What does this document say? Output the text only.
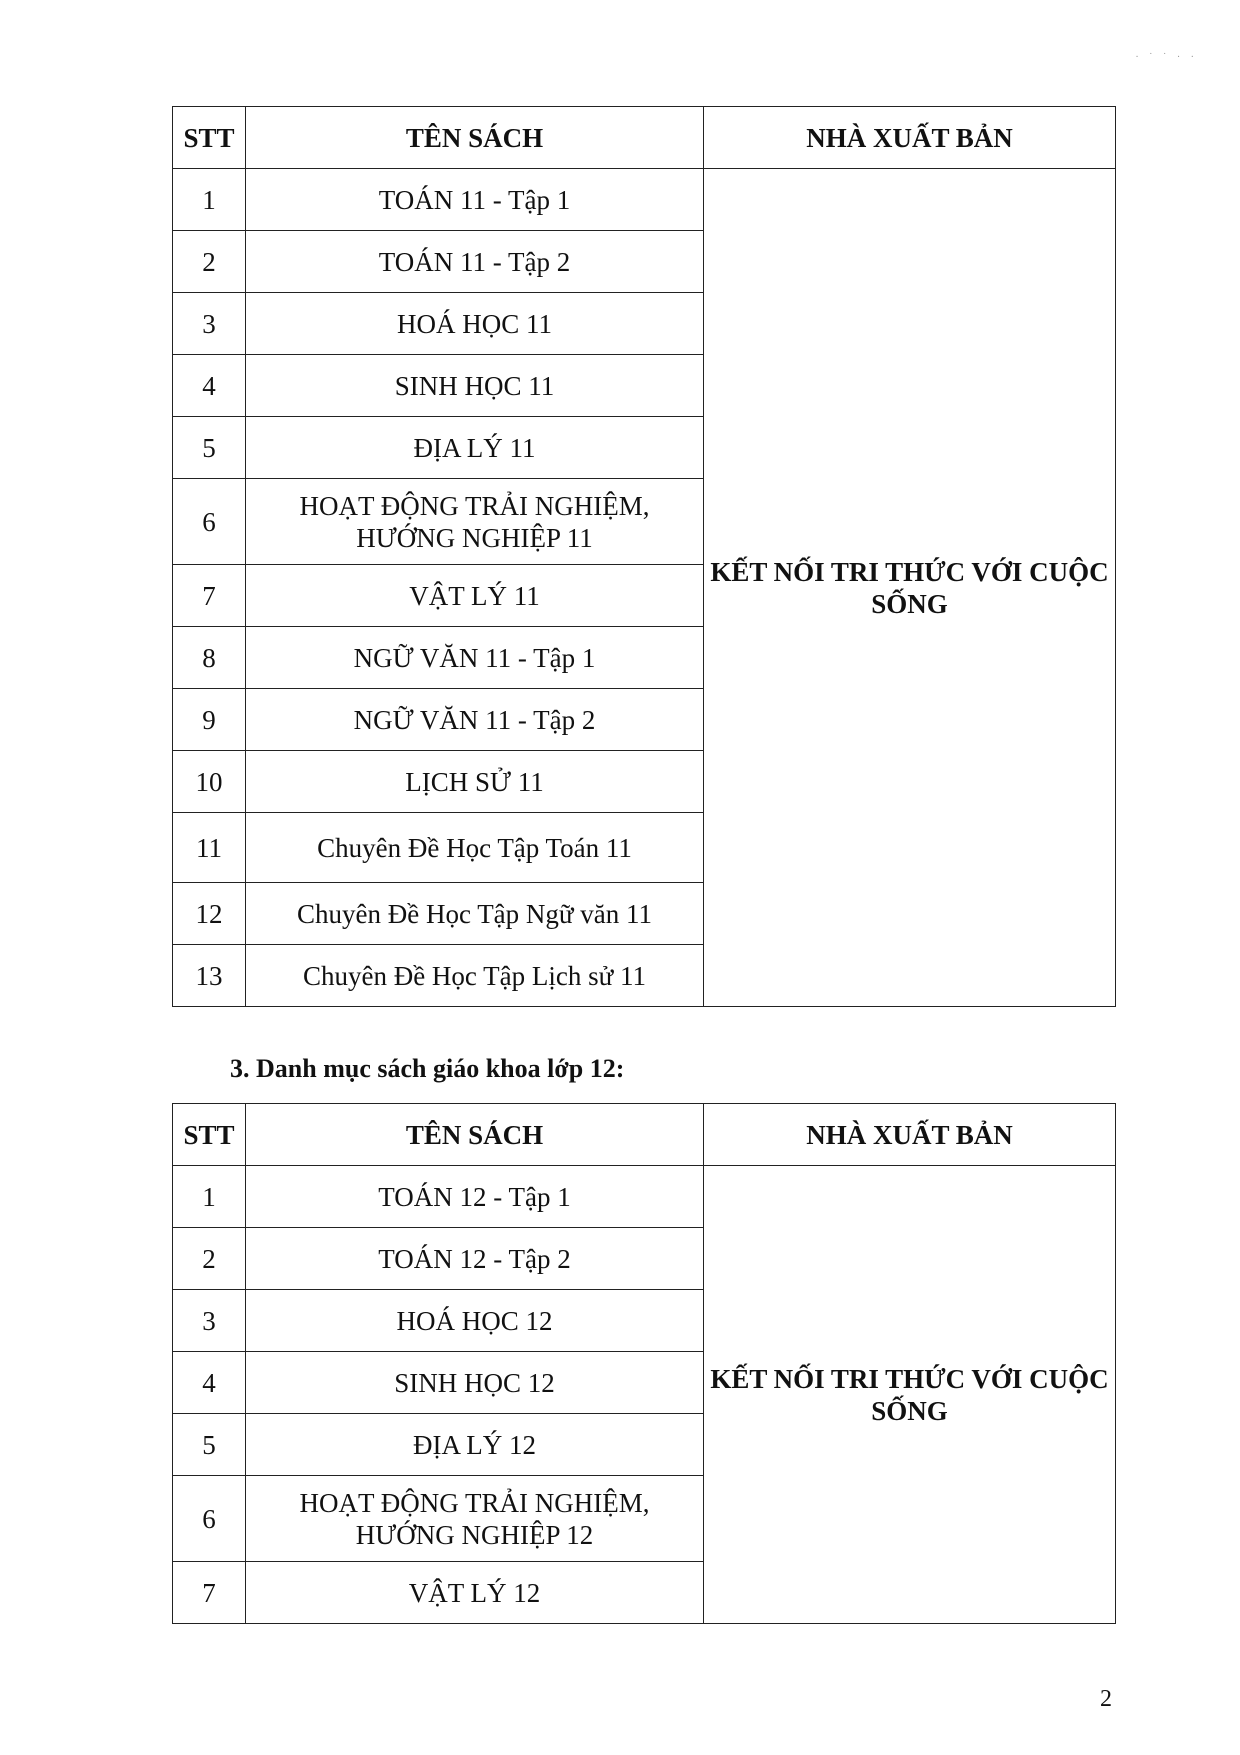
· ˙ ˙ · ·
STT	TÊN SÁCH	NHÀ XUẤT BẢN
1	TOÁN 11 - Tập 1	KẾT NỐI TRI THỨC VỚI CUỘC SỐNG
2	TOÁN 11 - Tập 2	
3	HOÁ HỌC 11	
4	SINH HỌC 11	
5	ĐỊA LÝ 11	
6	HOẠT ĐỘNG TRẢI NGHIỆM, HƯỚNG NGHIỆP 11	
7	VẬT LÝ 11	
8	NGỮ VĂN 11 - Tập 1	
9	NGỮ VĂN 11 - Tập 2	
10	LỊCH SỬ 11	
11	Chuyên Đề Học Tập Toán 11	
12	Chuyên Đề Học Tập Ngữ văn 11	
13	Chuyên Đề Học Tập Lịch sử 11	

3. Danh mục sách giáo khoa lớp 12:

STT	TÊN SÁCH	NHÀ XUẤT BẢN
1	TOÁN 12 - Tập 1	KẾT NỐI TRI THỨC VỚI CUỘC SỐNG
2	TOÁN 12 - Tập 2	
3	HOÁ HỌC 12	
4	SINH HỌC 12	
5	ĐỊA LÝ 12	
6	HOẠT ĐỘNG TRẢI NGHIỆM, HƯỚNG NGHIỆP 12	
7	VẬT LÝ 12	
2
